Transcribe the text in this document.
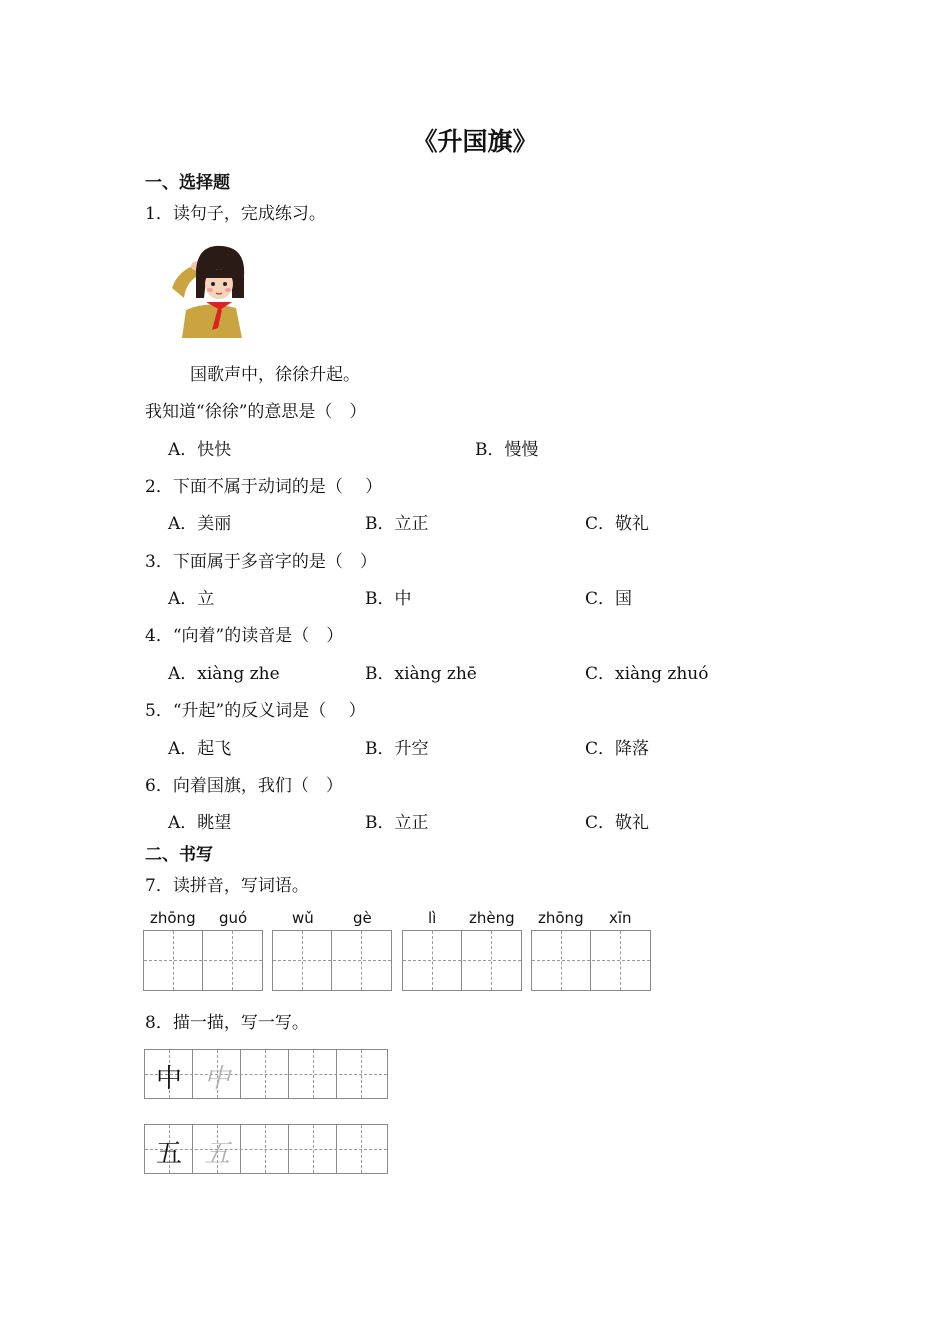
《升国旗》
一、选择题
1．读句子，完成练习。
国歌声中，徐徐升起。
我知道“徐徐”的意思是（　）
A．快快	B．慢慢
2．下面不属于动词的是（　 ）
A．美丽	B．立正	C．敬礼
3．下面属于多音字的是（　）
A．立	B．中	C．国
4．“向着”的读音是（　）
A．xiàng zhe	B．xiàng zhē	C．xiàng zhuó
5．“升起”的反义词是（　 ）
A．起飞	B．升空	C．降落
6．向着国旗，我们（　）
A．眺望	B．立正	C．敬礼
二、书写
7．读拼音，写词语。
zhōng guó	wǔ	gè	lì zhèng zhōng xīn
8．描一描，写一写。
中 中
五 五
